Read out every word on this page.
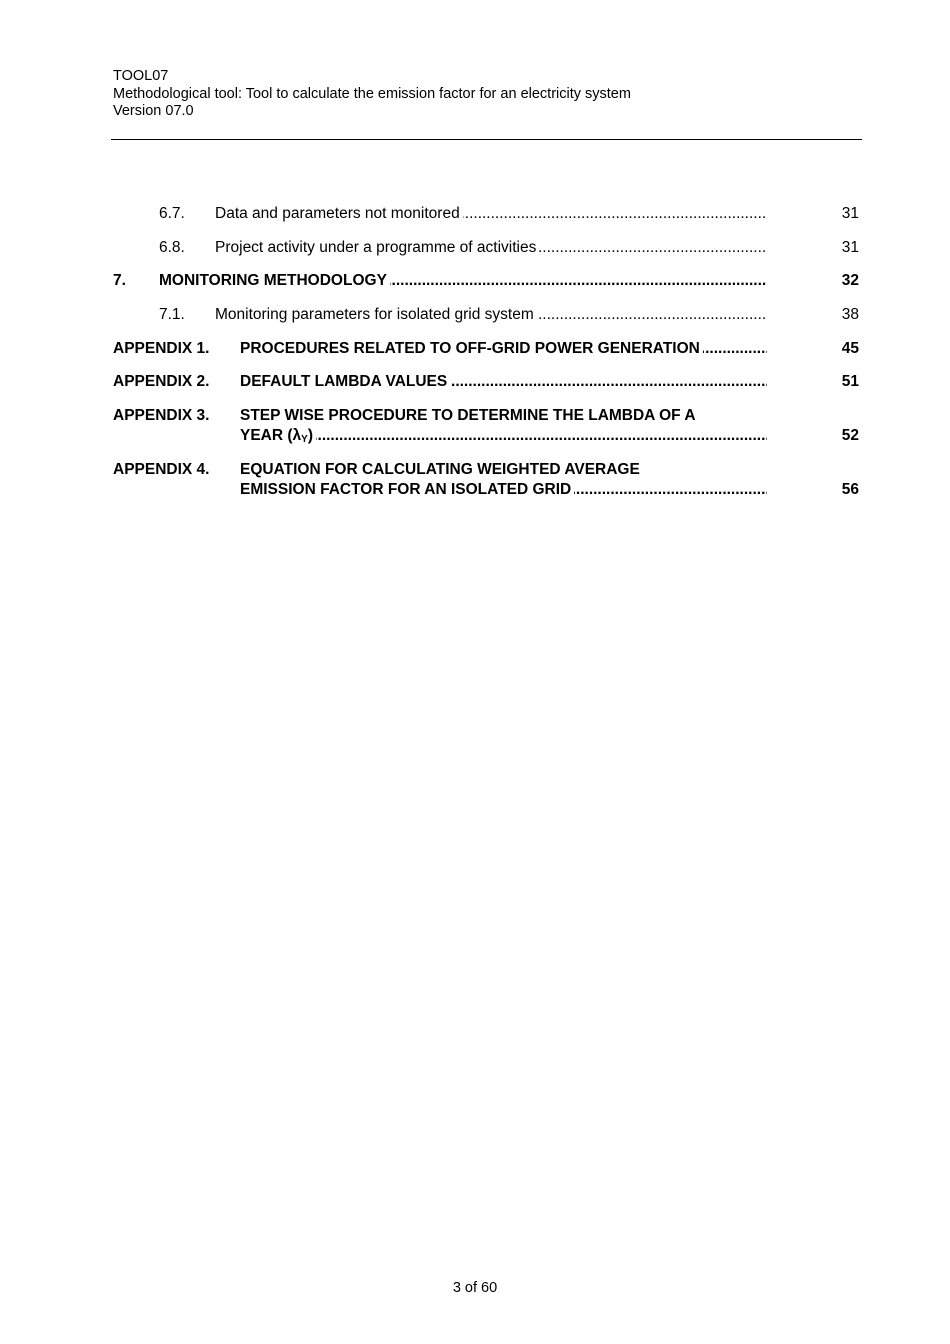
TOOL07
Methodological tool: Tool to calculate the emission factor for an electricity system
Version 07.0
6.7. Data and parameters not monitored .....	31
6.8. Project activity under a programme of activities .....	31
7. MONITORING METHODOLOGY .....	32
7.1. Monitoring parameters for isolated grid system .....	38
APPENDIX 1. PROCEDURES RELATED TO OFF-GRID POWER GENERATION .....	45
APPENDIX 2. DEFAULT LAMBDA VALUES .....	51
APPENDIX 3. STEP WISE PROCEDURE TO DETERMINE THE LAMBDA OF A
YEAR $(\lambda_Y)$ .....	52
APPENDIX 4. EQUATION FOR CALCULATING WEIGHTED AVERAGE
EMISSION FACTOR FOR AN ISOLATED GRID .....	56
3 of 60
